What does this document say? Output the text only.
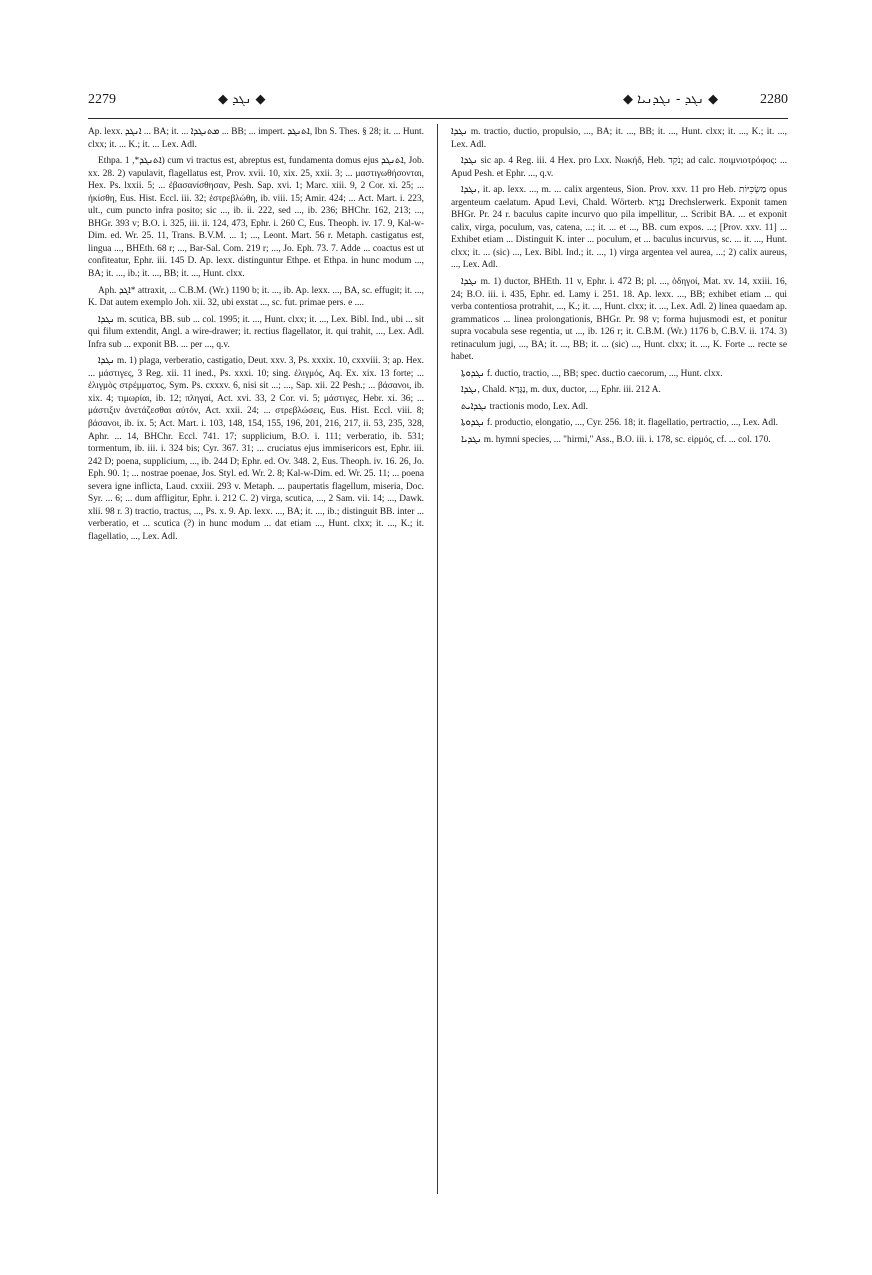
2279	◆ ܢܓܕ ◆	◆ ܢܓܕ - ܢܓܕܢܝܐ ◆	2280

Ap. lexx. ܐܢܓܕ ... BA; it. ... ܡܬܢܓܕܐ ... BB; ... impert. ܐܬܢܓܕ, Ibn S. Thes. § 28; it. ... Hunt. clxx; it. ... K.; it. ... Lex. Adl.

Ethpa. ܐܬܢܓܕ*, 1) cum vi tractus est, abreptus est, fundamenta domus ejus ܐܬܢܓܕ, Job. xx. 28. 2) vapulavit, flagellatus est, Prov. xvii. 10, xix. 25, xxii. 3; ... μαστιγωθήσονται, Hex. Ps. lxxii. 5; ... ἐβασανίσθησαν, Pesh. Sap. xvi. 1; Marc. xiii. 9, 2 Cor. xi. 25; ... ἠκίσθη, Eus. Hist. Eccl. iii. 32; ἐστρεβλώθη, ib. viii. 15; Amir. 424; ... Act. Mart. i. 223, ult., cum puncto infra posito; sic ..., ib. ii. 222, sed ..., ib. 236; BHChr. 162, 213; ..., BHGr. 393 v; B.O. i. 325, iii. ii. 124, 473, Ephr. i. 260 C, Eus. Theoph. iv. 17. 9, Kal-w-Dim. ed. Wr. 25. 11, Trans. B.V.M. ... 1; ..., Leont. Mart. 56 r. Metaph. castigatus est, lingua ..., BHEth. 68 r; ..., Bar-Sal. Com. 219 r; ..., Jo. Eph. 73. 7. Adde ... coactus est ut confiteatur, Ephr. iii. 145 D. Ap. lexx. distinguntur Ethpe. et Ethpa. in hunc modum ..., BA; it. ..., ib.; it. ..., BB; it. ..., Hunt. clxx.

Aph. ܐܓܕ* attraxit, ... C.B.M. (Wr.) 1190 b; it. ..., ib. Ap. lexx. ..., BA, sc. effugit; it. ..., K. Dat autem exemplo Joh. xii. 32, ubi exstat ..., sc. fut. primae pers. e ....

ܢܓܕܐ m. scutica, BB. sub ... col. 1995; it. ..., Hunt. clxx; it. ..., Lex. Bibl. Ind., ubi ... sit qui filum extendit, Angl. a wire-drawer; it. rectius flagellator, it. qui trahit, ..., Lex. Adl. Infra sub ... exponit BB. ... per ..., q.v.

ܢܓܕܐ m. 1) plaga, verberatio, castigatio, Deut. xxv. 3, Ps. xxxix. 10, cxxviii. 3; ap. Hex. ... μάστιγες, 3 Reg. xii. 11 ined., Ps. xxxi. 10; sing. ἐλιγμός, Aq. Ex. xix. 13 forte; ... ἐλιγμὸς στρέμματος, Sym. Ps. cxxxv. 6, nisi sit ...; ..., Sap. xii. 22 Pesh.; ... βάσανοι, ib. xix. 4; τιμωρίαι, ib. 12; πληγαί, Act. xvi. 33, 2 Cor. vi. 5; μάστιγες, Hebr. xi. 36; ... μάστιξιν ἀνετάζεσθαι αὐτόν, Act. xxii. 24; ... στρεβλώσεις, Eus. Hist. Eccl. viii. 8; βάσανοι, ib. ix. 5; Act. Mart. i. 103, 148, 154, 155, 196, 201, 216, 217, ii. 53, 235, 328, Aphr. ... 14, BHChr. Eccl. 741. 17; supplicium, B.O. i. 111; verberatio, ib. 531; tormentum, ib. iii. i. 324 bis; Cyr. 367. 31; ... cruciatus ejus immisericors est, Ephr. iii. 242 D; poena, supplicium, ..., ib. 244 D; Ephr. ed. Ov. 348. 2, Eus. Theoph. iv. 16. 26, Jo. Eph. 90. 1; ... nostrae poenae, Jos. Styl. ed. Wr. 2. 8; Kal-w-Dim. ed. Wr. 25. 11; ... poena severa igne inflicta, Laud. cxxiii. 293 v. Metaph. ... paupertatis flagellum, miseria, Doc. Syr. ... 6; ... dum affligitur, Ephr. i. 212 C. 2) virga, scutica, ..., 2 Sam. vii. 14; ..., Dawk. xlii. 98 r. 3) tractio, tractus, ..., Ps. x. 9. Ap. lexx. ..., BA; it. ..., ib.; distinguit BB. inter ... verberatio, et ... scutica (?) in hunc modum ... dat etiam ..., Hunt. clxx; it. ..., K.; it. flagellatio, ..., Lex. Adl.

ܢܓܕܐ m. tractio, ductio, propulsio, ..., BA; it. ..., BB; it. ..., Hunt. clxx; it. ..., K.; it. ..., Lex. Adl.

ܢܓܕܐ sic ap. 4 Reg. iii. 4 Hex. pro Lxx. Νωκήδ, Heb. נֹקֵד; ad calc. ποιμνιοτρόφος: ... Apud Pesh. et Ephr. ..., q.v.

ܢܓܕܐ, it. ap. lexx. ..., m. ... calix argenteus, Sion. Prov. xxv. 11 pro Heb. מַשְׂכִּיּוֹת opus argenteum caelatum. Apud Levi, Chald. Wörterb. נַגָּרָא Drechslerwerk. Exponit tamen BHGr. Pr. 24 r. baculus capite incurvo quo pila impellitur, ... Scribit BA. ... et exponit calix, virga, poculum, vas, catena, ...; it. ... et ..., BB. cum expos. ...; [Prov. xxv. 11] ... Exhibet etiam ... Distinguit K. inter ... poculum, et ... baculus incurvus, sc. ... it. ..., Hunt. clxx; it. ... (sic) ..., Lex. Bibl. Ind.; it. ..., 1) virga argentea vel aurea, ...; 2) calix aureus, ..., Lex. Adl.

ܢܓܕܐ m. 1) ductor, BHEth. 11 v, Ephr. i. 472 B; pl. ..., ὁδηγοί, Mat. xv. 14, xxiii. 16, 24; B.O. iii. i. 435, Ephr. ed. Lamy i. 251. 18. Ap. lexx. ..., BB; exhibet etiam ... qui verba contentiosa protrahit, ..., K.; it. ..., Hunt. clxx; it. ..., Lex. Adl. 2) linea quaedam ap. grammaticos ... linea prolongationis, BHGr. Pr. 98 v; forma hujusmodi est, et ponitur supra vocabula sese regentia, ut ..., ib. 126 r; it. C.B.M. (Wr.) 1176 b, C.B.V. ii. 174. 3) retinaculum jugi, ..., BA; it. ..., BB; it. ... (sic) ..., Hunt. clxx; it. ..., K. Forte ... recte se habet.

ܢܓܕܘܬܐ f. ductio, tractio, ..., BB; spec. ductio caecorum, ..., Hunt. clxx.

ܢܓܕܐ, Chald. נַגָּדָא, m. dux, ductor, ..., Ephr. iii. 212 A.

ܢܓܕܐܝܬ tractionis modo, Lex. Adl.

ܢܓܕܘܬܐ f. productio, elongatio, ..., Cyr. 256. 18; it. flagellatio, pertractio, ..., Lex. Adl.

ܢܓܕܝܐ m. hymni species, ... "hirmi," Ass., B.O. iii. i. 178, sc. εἱρμός, cf. ... col. 170.
